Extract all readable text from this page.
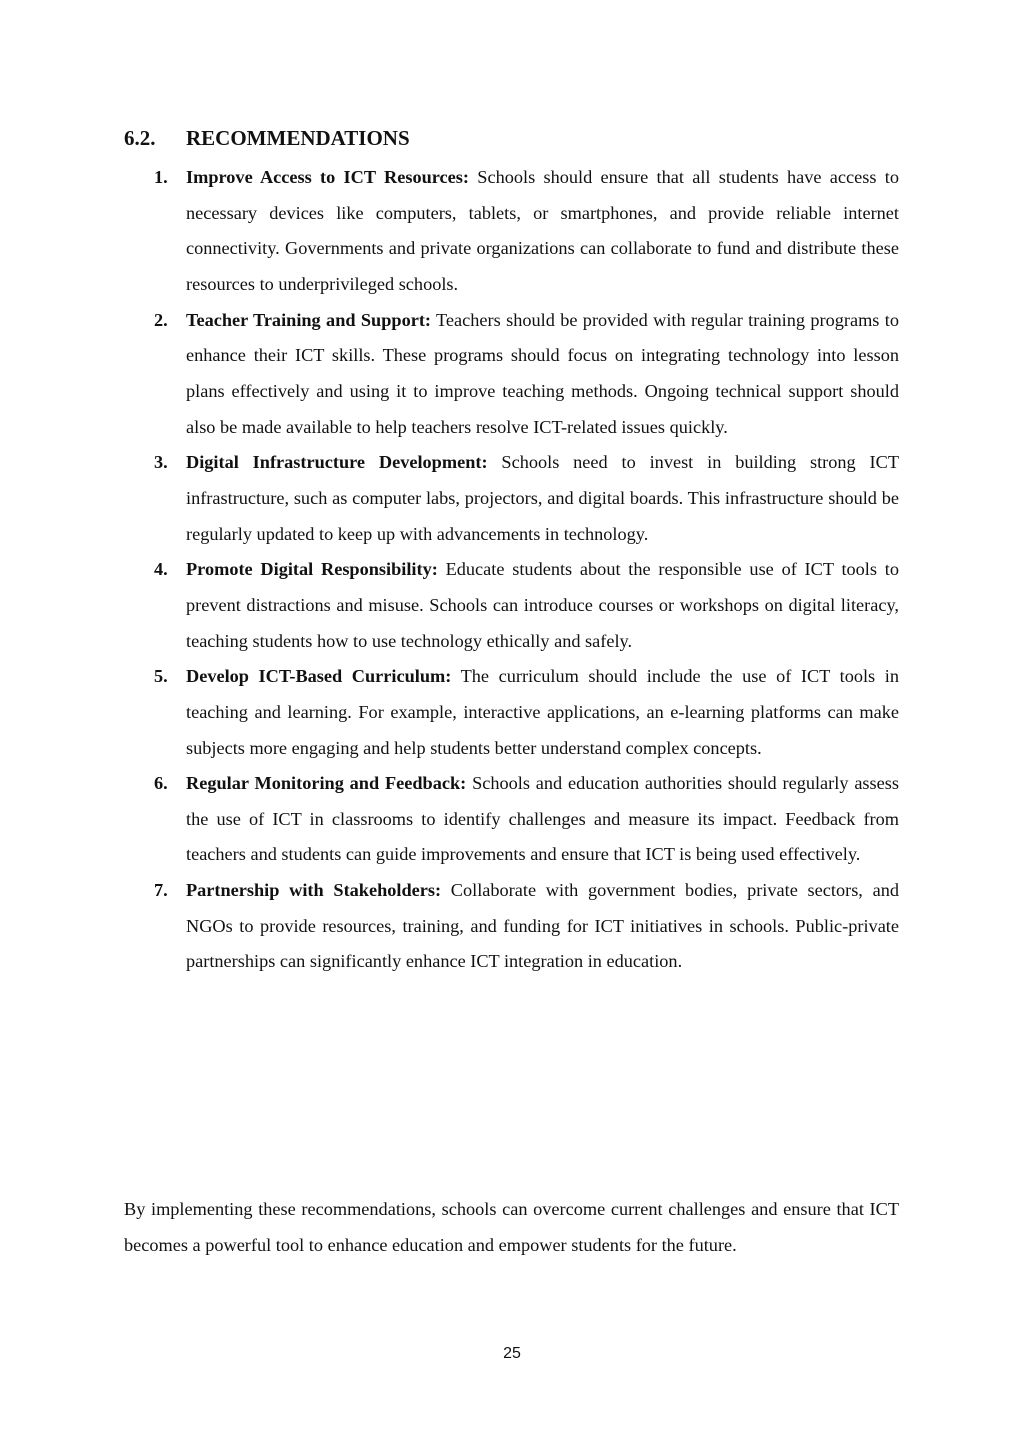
6.2. RECOMMENDATIONS
1. Improve Access to ICT Resources: Schools should ensure that all students have access to necessary devices like computers, tablets, or smartphones, and provide reliable internet connectivity. Governments and private organizations can collaborate to fund and distribute these resources to underprivileged schools.
2. Teacher Training and Support: Teachers should be provided with regular training programs to enhance their ICT skills. These programs should focus on integrating technology into lesson plans effectively and using it to improve teaching methods. Ongoing technical support should also be made available to help teachers resolve ICT-related issues quickly.
3. Digital Infrastructure Development: Schools need to invest in building strong ICT infrastructure, such as computer labs, projectors, and digital boards. This infrastructure should be regularly updated to keep up with advancements in technology.
4. Promote Digital Responsibility: Educate students about the responsible use of ICT tools to prevent distractions and misuse. Schools can introduce courses or workshops on digital literacy, teaching students how to use technology ethically and safely.
5. Develop ICT-Based Curriculum: The curriculum should include the use of ICT tools in teaching and learning. For example, interactive applications, an e-learning platforms can make subjects more engaging and help students better understand complex concepts.
6. Regular Monitoring and Feedback: Schools and education authorities should regularly assess the use of ICT in classrooms to identify challenges and measure its impact. Feedback from teachers and students can guide improvements and ensure that ICT is being used effectively.
7. Partnership with Stakeholders: Collaborate with government bodies, private sectors, and NGOs to provide resources, training, and funding for ICT initiatives in schools. Public-private partnerships can significantly enhance ICT integration in education.

By implementing these recommendations, schools can overcome current challenges and ensure that ICT becomes a powerful tool to enhance education and empower students for the future.

25
